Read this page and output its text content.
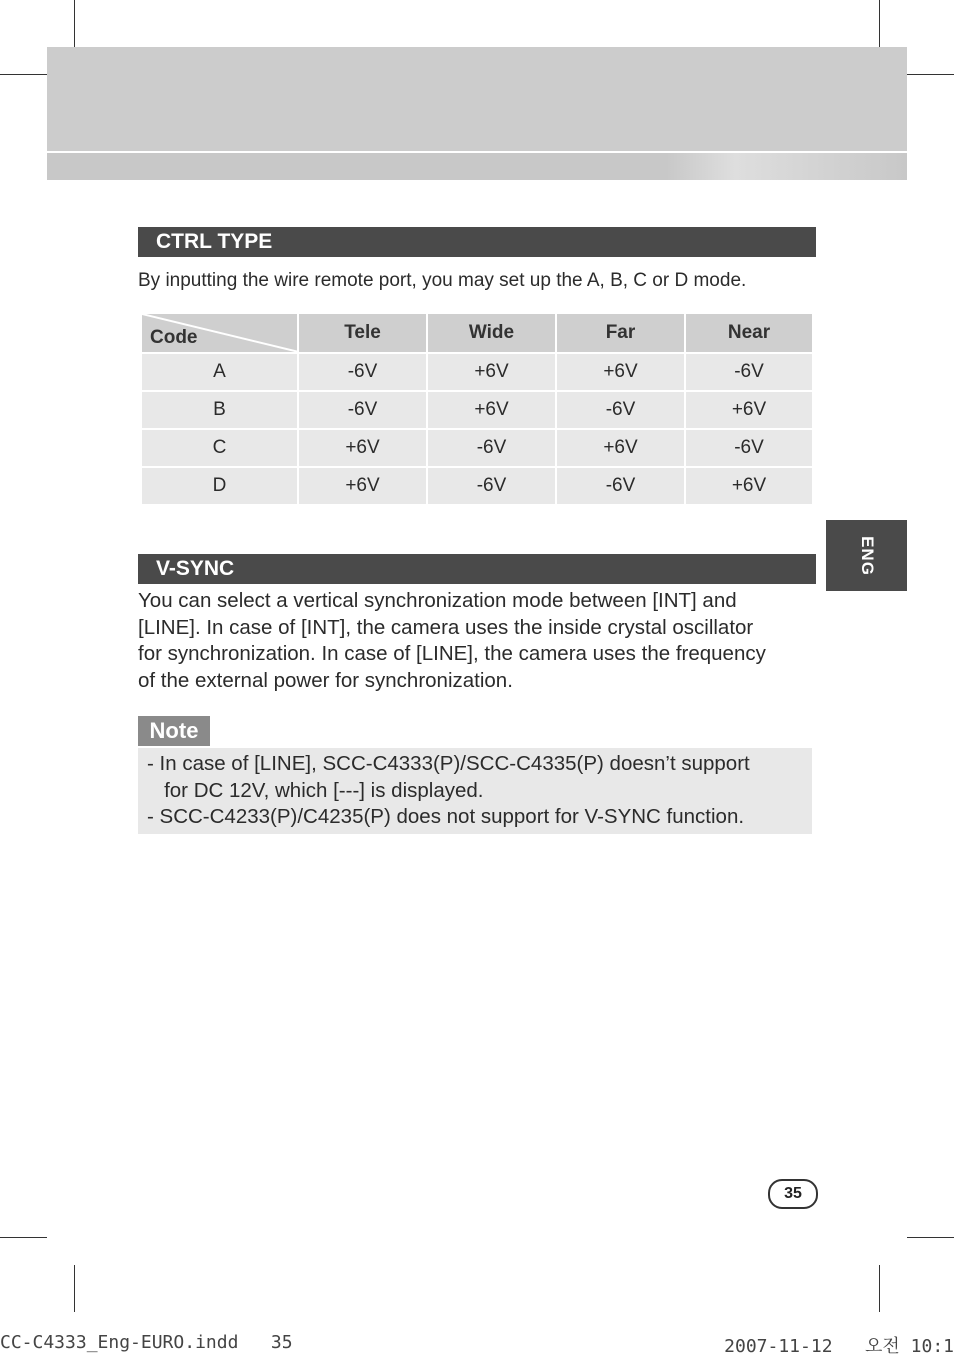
CTRL TYPE
By inputting the wire remote port, you may set up the A, B, C or D mode.
Code	Tele	Wide	Far	Near
A	-6V	+6V	+6V	-6V
B	-6V	+6V	-6V	+6V
C	+6V	-6V	+6V	-6V
D	+6V	-6V	-6V	+6V
ENG
V-SYNC
You can select a vertical synchronization mode between [INT] and
[LINE]. In case of [INT], the camera uses the inside crystal oscillator
for synchronization. In case of [LINE], the camera uses the frequency
of the external power for synchronization.
Note
- In case of [LINE], SCC-C4333(P)/SCC-C4335(P) doesn’t support
for DC 12V, which [---] is displayed.
- SCC-C4233(P)/C4235(P) does not support for V-SYNC function.
35
CC-C4333_Eng-EURO.indd   35	2007-11-12   오전 10:1
